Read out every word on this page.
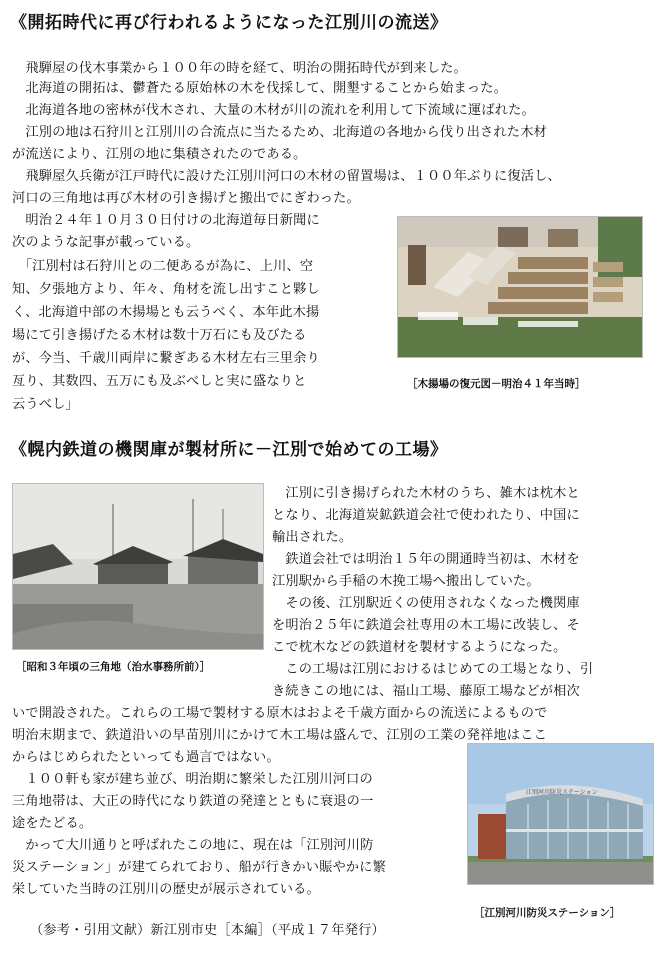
《開拓時代に再び行われるようになった江別川の流送》
　飛騨屋の伐木事業から１００年の時を経て、明治の開拓時代が到来した。
　北海道の開拓は、鬱蒼たる原始林の木を伐採して、開墾することから始まった。
　北海道各地の密林が伐木され、大量の木材が川の流れを利用して下流域に運ばれた。
　江別の地は石狩川と江別川の合流点に当たるため、北海道の各地から伐り出された木材
が流送により、江別の地に集積されたのである。
　飛騨屋久兵衛が江戸時代に設けた江別川河口の木材の留置場は、１００年ぶりに復活し、
河口の三角地は再び木材の引き揚げと搬出でにぎわった。
　明治２４年１０月３０日付けの北海道毎日新聞に
次のような記事が載っている。
　「江別村は石狩川との二便あるが為に、上川、空
知、夕張地方より、年々、角材を流し出すこと夥し
く、北海道中部の木揚場とも云うべく、本年此木揚
場にて引き揚げたる木材は数十万石にも及びたる
が、今当、千歳川両岸に繋ぎある木材左右三里余り
亙り、其数四、五万にも及ぶべしと実に盛なりと
云うべし」
［木揚場の復元図－明治４１年当時］
《幌内鉄道の機関庫が製材所に－江別で始めての工場》
［昭和３年頃の三角地（治水事務所前）］
　江別に引き揚げられた木材のうち、雑木は枕木と
となり、北海道炭鉱鉄道会社で使われたり、中国に
輸出された。
　鉄道会社では明治１５年の開通時当初は、木材を
江別駅から手稲の木挽工場へ搬出していた。
　その後、江別駅近くの使用されなくなった機関庫
を明治２５年に鉄道会社専用の木工場に改装し、そ
こで枕木などの鉄道材を製材するようになった。
　この工場は江別におけるはじめての工場となり、引
き続きこの地には、福山工場、藤原工場などが相次
いで開設された。これらの工場で製材する原木はおよそ千歳方面からの流送によるもので
明治末期まで、鉄道沿いの早苗別川にかけて木工場は盛んで、江別の工業の発祥地はここ
からはじめられたといっても過言ではない。
　１００軒も家が建ち並び、明治期に繁栄した江別川河口の
三角地帯は、大正の時代になり鉄道の発達とともに衰退の一
途をたどる。
　かって大川通りと呼ばれたこの地に、現在は「江別河川防
災ステーション」が建てられており、船が行きかい賑やかに繁
栄していた当時の江別川の歴史が展示されている。
江別河川防災ステーション
［江別河川防災ステーション］
（参考・引用文献）新江別市史［本編］（平成１７年発行）
